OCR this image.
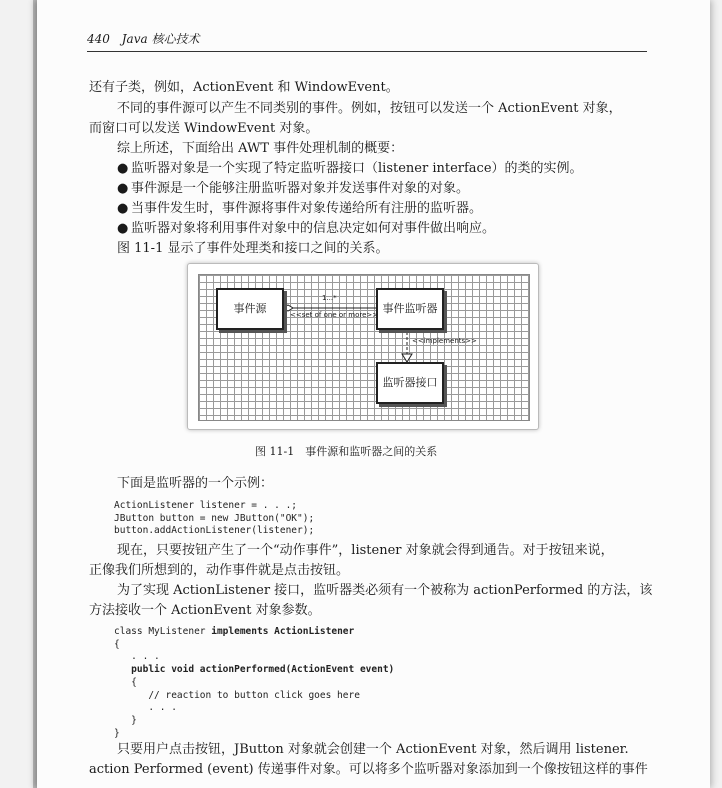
440 Java 核心技术
还有子类，例如，ActionEvent 和 WindowEvent。
不同的事件源可以产生不同类别的事件。例如，按钮可以发送一个 ActionEvent 对象，
而窗口可以发送 WindowEvent 对象。
综上所述，下面给出 AWT 事件处理机制的概要：
● 监听器对象是一个实现了特定监听器接口（listener interface）的类的实例。
● 事件源是一个能够注册监听器对象并发送事件对象的对象。
● 当事件发生时，事件源将事件对象传递给所有注册的监听器。
● 监听器对象将利用事件对象中的信息决定如何对事件做出响应。
图 11-1 显示了事件处理类和接口之间的关系。
事件源	事件监听器
监听器接口
1...*
<<set of one or more>>
<<implements>>
图 11-1　事件源和监听器之间的关系
下面是监听器的一个示例：
ActionListener listener = . . .;
JButton button = new JButton("OK");
button.addActionListener(listener);
现在，只要按钮产生了一个“动作事件”，listener 对象就会得到通告。对于按钮来说，
正像我们所想到的，动作事件就是点击按钮。
为了实现 ActionListener 接口，监听器类必须有一个被称为 actionPerformed 的方法，该
方法接收一个 ActionEvent 对象参数。
class MyListener implements ActionListener
{
. . .
public void actionPerformed(ActionEvent event)
{
// reaction to button click goes here
. . .
}
}
只要用户点击按钮，JButton 对象就会创建一个 ActionEvent 对象，然后调用 listener.
action Performed (event) 传递事件对象。可以将多个监听器对象添加到一个像按钮这样的事件
